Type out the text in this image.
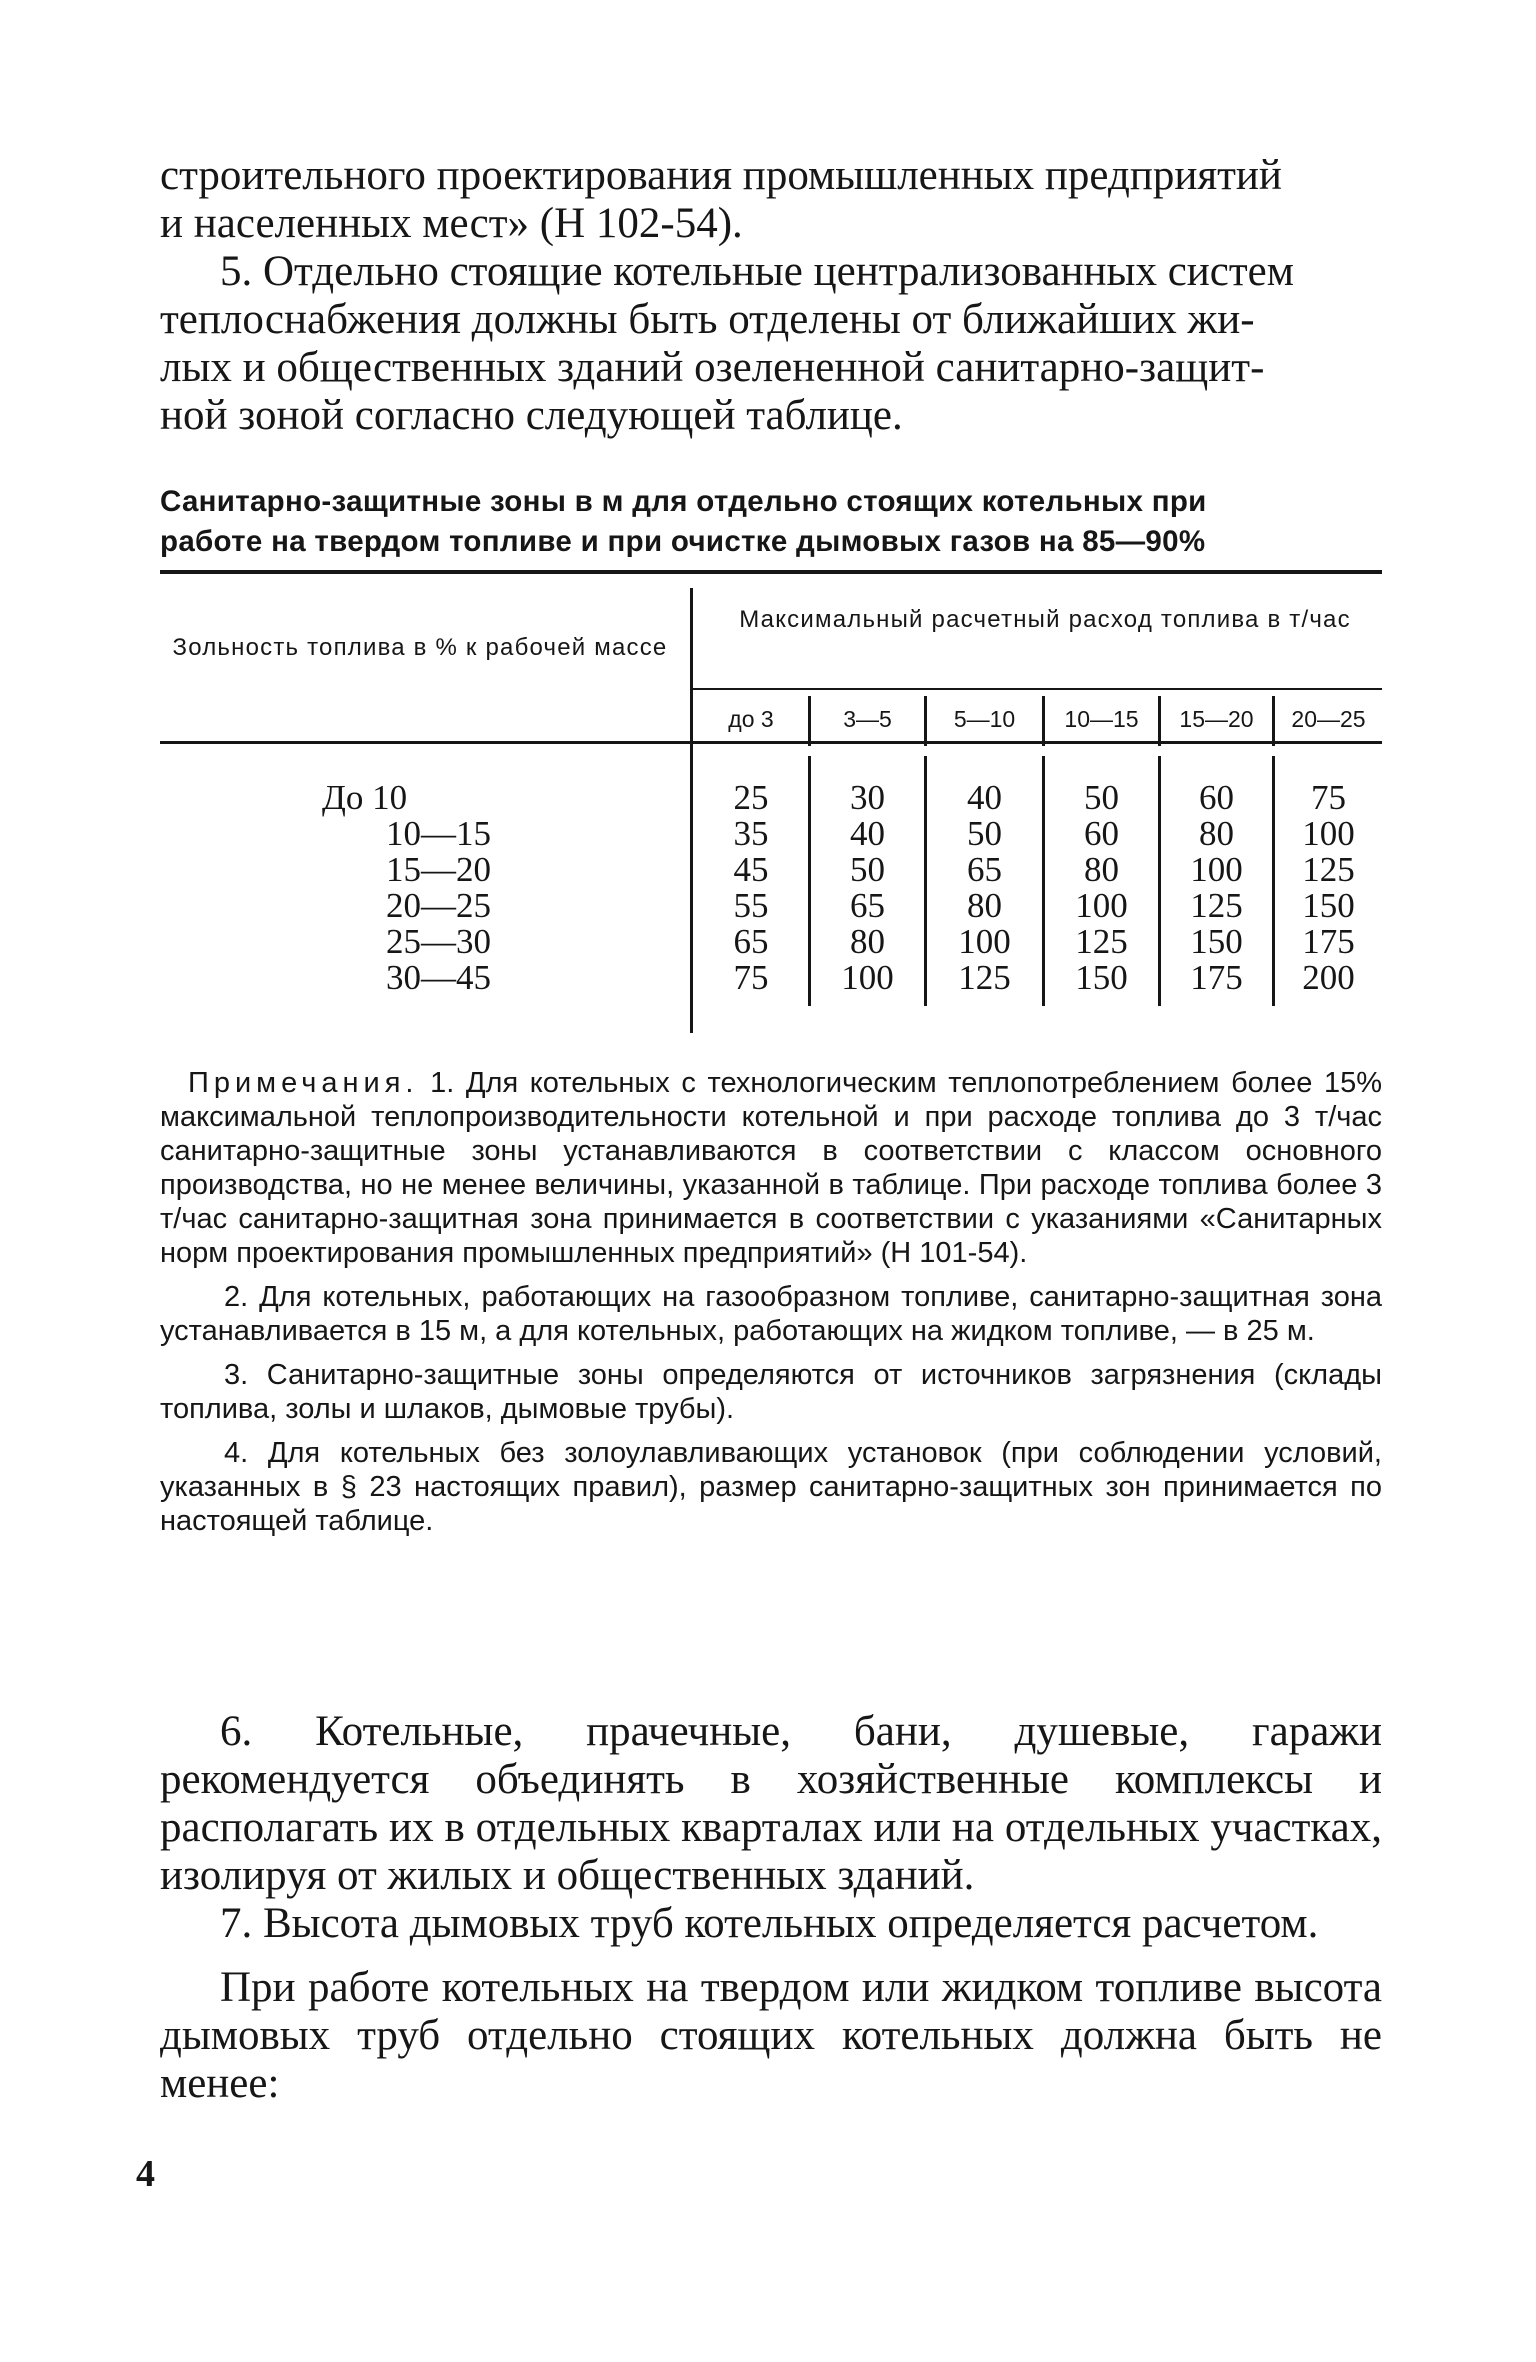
строительного проектирования промышленных предприятий
и населенных мест» (Н 102-54).
5. Отдельно стоящие котельные централизованных систем
теплоснабжения должны быть отделены от ближайших жи-
лых и общественных зданий озелененной санитарно-защит-
ной зоной согласно следующей таблице.
Санитарно-защитные зоны в м для отдельно стоящих котельных при
работе на твердом топливе и при очистке дымовых газов на 85—90%
Зольность топлива в % к рабочей массе
Максимальный расчетный расход топлива в т/час
до 3	3—5	5—10	10—15	15—20	20—25
До 10	25	30	40	50	60	75
10—15	35	40	50	60	80	100
15—20	45	50	65	80	100	125
20—25	55	65	80	100	125	150
25—30	65	80	100	125	150	175
30—45	75	100	125	150	175	200

Примечания. 1. Для котельных с технологическим теплопотреблением более 15% максимальной теплопроизводительности котельной и при расходе топлива до 3 т/час санитарно-защитные зоны устанавливаются в соответствии с классом основного производства, но не менее величины, указанной в таблице. При расходе топлива более 3 т/час санитарно-защитная зона принимается в соответствии с указаниями «Санитарных норм проектирования промышленных предприятий» (Н 101-54).

2. Для котельных, работающих на газообразном топливе, санитарно-защитная зона устанавливается в 15 м, а для котельных, работающих на жидком топливе, — в 25 м.

3. Санитарно-защитные зоны определяются от источников загрязнения (склады топлива, золы и шлаков, дымовые трубы).

4. Для котельных без золоулавливающих установок (при соблюдении условий, указанных в § 23 настоящих правил), размер санитарно-защитных зон принимается по настоящей таблице.

6. Котельные, прачечные, бани, душевые, гаражи рекомендуется объединять в хозяйственные комплексы и располагать их в отдельных кварталах или на отдельных участках, изолируя от жилых и общественных зданий.

7. Высота дымовых труб котельных определяется расчетом.

При работе котельных на твердом или жидком топливе высота дымовых труб отдельно стоящих котельных должна быть не менее:

4
